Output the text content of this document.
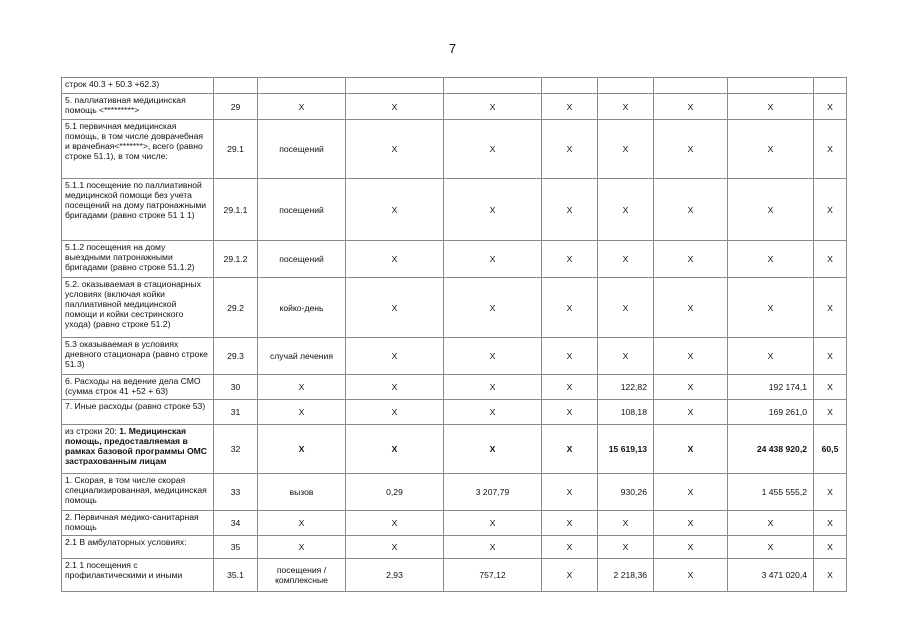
7
строк 40.3 + 50.3 +62.3)									
5. паллиативная медицинская помощь <*********>	29	X	X	X	X	X	X	X	X
5.1 первичная медицинская помощь, в том числе доврачебная и врачебная<*******>, всего (равно строке 51.1), в том числе:	29.1	посещений	X	X	X	X	X	X	X
5.1.1 посещение по паллиативной медицинской помощи без учета посещений на дому патронажными бригадами (равно строке 51 1 1)	29.1.1	посещений	X	X	X	X	X	X	X
5.1.2 посещения на дому выездными патронажными бригадами (равно строке 51.1.2)	29.1.2	посещений	X	X	X	X	X	X	X
5.2. оказываемая в стационарных условиях (включая койки паллиативной медицинской помощи и койки сестринского ухода) (равно строке 51.2)	29.2	койко-день	X	X	X	X	X	X	X
5.3 оказываемая в условиях дневного стационара (равно строке 51.3)	29.3	случай лечения	X	X	X	X	X	X	X
6. Расходы на ведение дела СМО (сумма строк 41 +52 + 63)	30	X	X	X	X	122,82	X	192 174,1	X
7. Иные расходы (равно строке 53)	31	X	X	X	X	108,18	X	169 261,0	X
из строки 20: 1. Медицинская помощь, предоставляемая в рамках базовой программы ОМС застрахованным лицам	32	X	X	X	X	15 619,13	X	24 438 920,2	60,5
1. Скорая, в том числе скорая специализированная, медицинская помощь	33	вызов	0,29	3 207,79	X	930,26	X	1 455 555,2	X
2. Первичная медико-санитарная помощь	34	X	X	X	X	X	X	X	X
2.1 В амбулаторных условиях:	35	X	X	X	X	X	X	X	X
2.1 1 посещения с профилактическими и иными	35.1	посещения / комплексные	2,93	757,12	X	2 218,36	X	3 471 020,4	X
